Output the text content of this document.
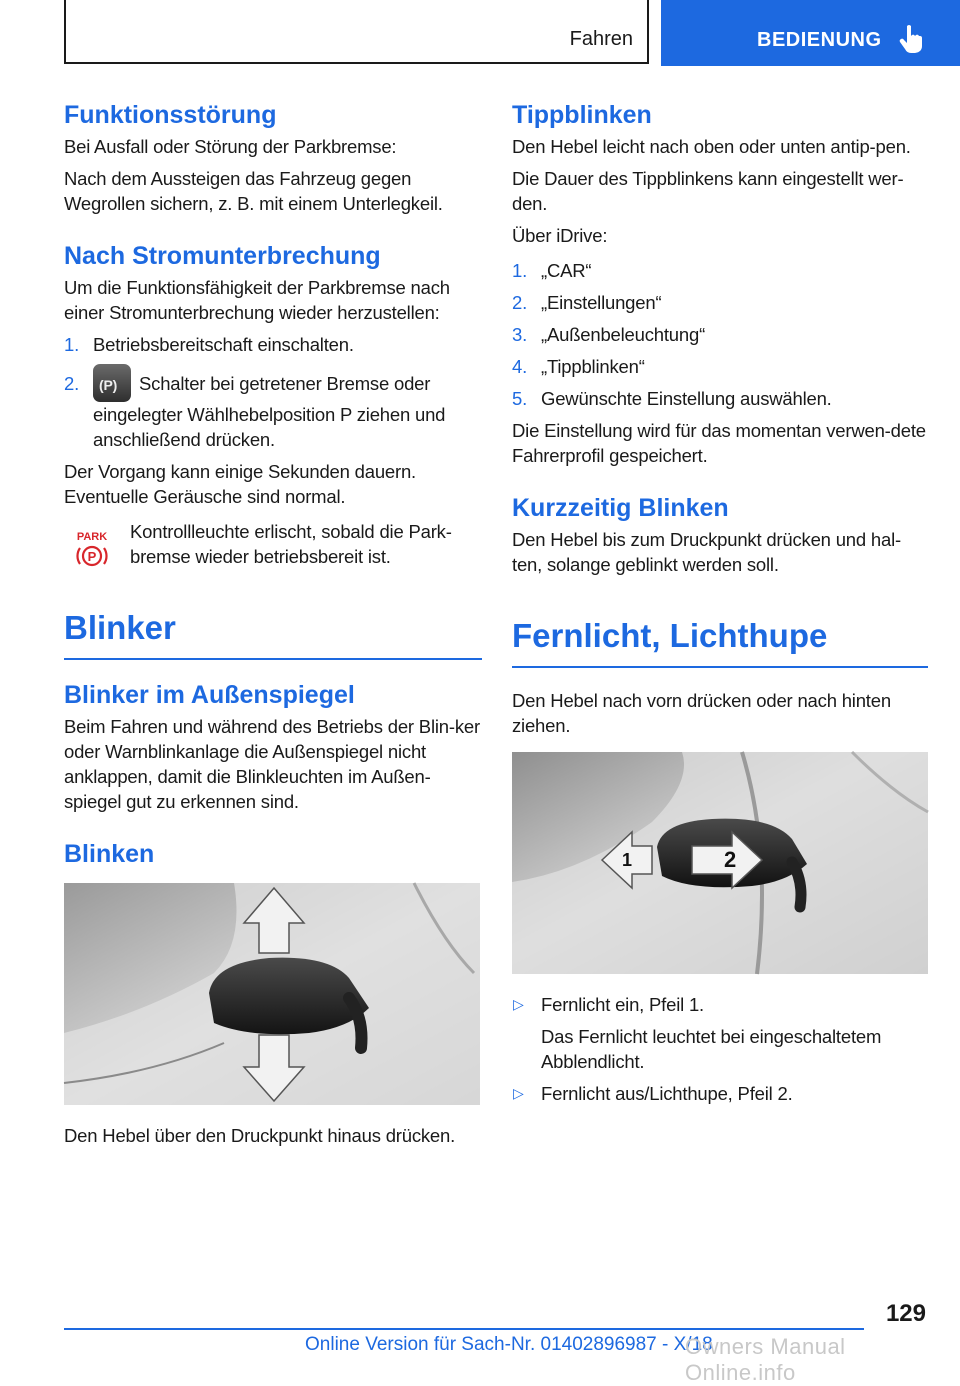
Fahren	BEDIENUNG
Funktionsstörung

Bei Ausfall oder Störung der Parkbremse:

Nach dem Aussteigen das Fahrzeug gegen Wegrollen sichern, z. B. mit einem Unterlegkeil.

Nach Stromunterbrechung

Um die Funktionsfähigkeit der Parkbremse nach einer Stromunterbrechung wieder herzustellen:

1. Betriebsbereitschaft einschalten.
2.
(P)	Schalter bei getretener Bremse oder eingelegter Wählhebelposition P ziehen und anschließend drücken.

Der Vorgang kann einige Sekunden dauern. Eventuelle Geräusche sind normal.

PARK
P

Kontrollleuchte erlischt, sobald die Park-bremse wieder betriebsbereit ist.

Blinker
Blinker im Außenspiegel

Beim Fahren und während des Betriebs der Blin-ker oder Warnblinkanlage die Außenspiegel nicht anklappen, damit die Blinkleuchten im Außen-spiegel gut zu erkennen sind.

Blinken

Den Hebel über den Druckpunkt hinaus drücken.

Tippblinken

Den Hebel leicht nach oben oder unten antip-pen.

Die Dauer des Tippblinkens kann eingestellt wer-den.

Über iDrive:

1. „CAR“
2. „Einstellungen“
3. „Außenbeleuchtung“
4. „Tippblinken“
5. Gewünschte Einstellung auswählen.

Die Einstellung wird für das momentan verwen-dete Fahrerprofil gespeichert.

Kurzzeitig Blinken

Den Hebel bis zum Druckpunkt drücken und hal-ten, solange geblinkt werden soll.

Fernlicht, Lichthupe

Den Hebel nach vorn drücken oder nach hinten ziehen.

1	2
▷ Fernlicht ein, Pfeil 1.

Das Fernlicht leuchtet bei eingeschaltetem Abblendlicht.

▷ Fernlicht aus/Lichthupe, Pfeil 2.
129
Online Version für Sach-Nr. 01402896987 - X/18
Owners Manual Online.info
